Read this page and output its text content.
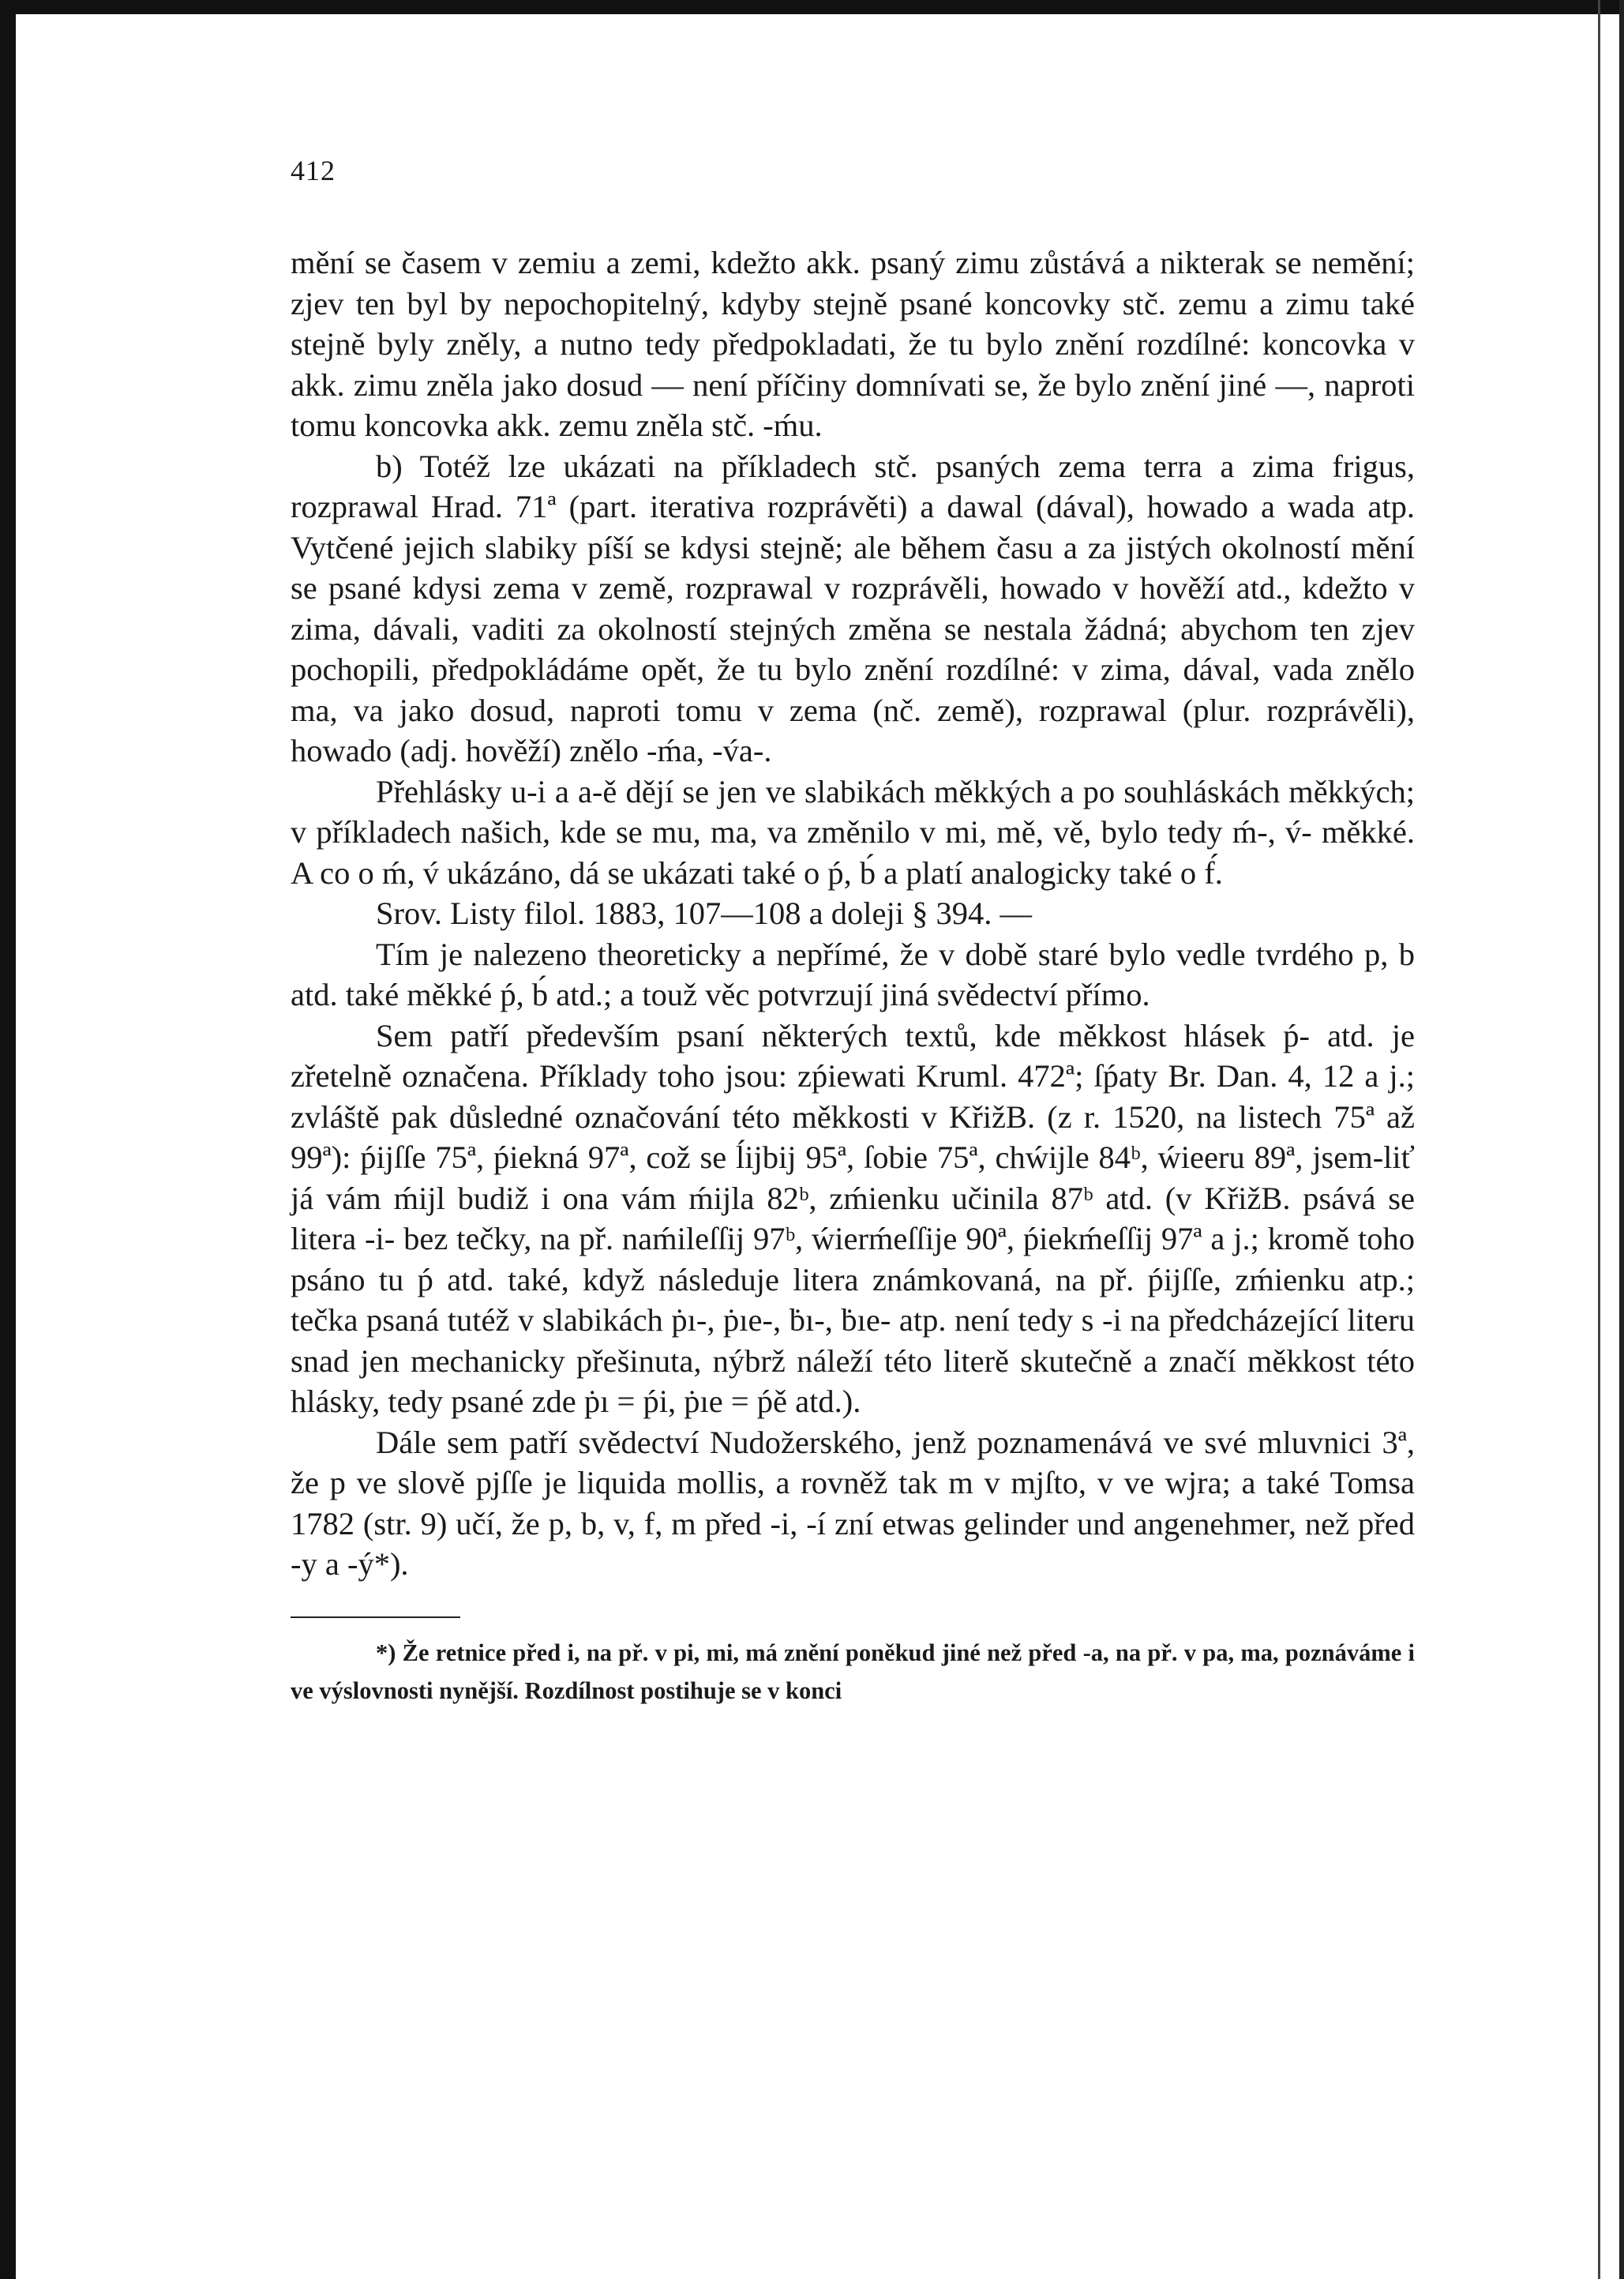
412

mění se časem v zemiu a zemi, kdežto akk. psaný zimu zůstává a nikterak se nemění; zjev ten byl by nepochopitelný, kdyby stejně psané koncovky stč. zemu a zimu také stejně byly zněly, a nutno tedy předpokladati, že tu bylo znění rozdílné: koncovka v akk. zimu zněla jako dosud — není příčiny domnívati se, že bylo znění jiné —, naproti tomu koncovka akk. zemu zněla stč. -ḿu.

b) Totéž lze ukázati na příkladech stč. psaných zema terra a zima frigus, rozprawal Hrad. 71ª (part. iterativa rozprávěti) a dawal (dával), howado a wada atp. Vytčené jejich slabiky píší se kdysi stejně; ale během času a za jistých okolností mění se psané kdysi zema v země, rozprawal v rozprávěli, howado v hověží atd., kdežto v zima, dávali, vaditi za okolností stejných změna se nestala žádná; abychom ten zjev pochopili, předpokládáme opět, že tu bylo znění rozdílné: v zima, dával, vada znělo ma, va jako dosud, naproti tomu v zema (nč. země), rozprawal (plur. rozprávěli), howado (adj. hověží) znělo -ḿa, -v́a-.

Přehlásky u-i a a-ě dějí se jen ve slabikách měkkých a po souhláskách měkkých; v příkladech našich, kde se mu, ma, va změnilo v mi, mě, vě, bylo tedy ḿ-, v́- měkké. A co o ḿ, v́ ukázáno, dá se ukázati také o ṕ, b́ a platí analogicky také o f́.

Srov. Listy filol. 1883, 107—108 a doleji § 394. —

Tím je nalezeno theoreticky a nepřímé, že v době staré bylo vedle tvrdého p, b atd. také měkké ṕ, b́ atd.; a touž věc potvrzují jiná svědectví přímo.

Sem patří především psaní některých textů, kde měkkost hlásek ṕ- atd. je zřetelně označena. Příklady toho jsou: zṕiewati Kruml. 472ª; ſṕaty Br. Dan. 4, 12 a j.; zvláště pak důsledné označování této měkkosti v KřižB. (z r. 1520, na listech 75ª až 99ª): ṕijſſe 75ª, ṕiekná 97ª, což se ĺijbij 95ª, ſobie 75ª, chẃijle 84ᵇ, ẃieeru 89ª, jsem-liť já vám ḿijl budiž i ona vám ḿijla 82ᵇ, zḿienku učinila 87ᵇ atd. (v KřižB. psává se litera -i- bez tečky, na př. naḿileſſij 97ᵇ, ẃierḿeſſije 90ª, ṕiekḿeſſij 97ª a j.; kromě toho psáno tu ṕ atd. také, když následuje litera známkovaná, na př. ṕijſſe, zḿienku atp.; tečka psaná tutéž v slabikách ṗı-, ṗıe-, ḃı-, ḃıe- atp. není tedy s -i na předcházející literu snad jen mechanicky přešinuta, nýbrž náleží této literě skutečně a značí měkkost této hlásky, tedy psané zde ṗı = ṕi, ṗıe = ṕě atd.).

Dále sem patří svědectví Nudožerského, jenž poznamenává ve své mluvnici 3ª, že p ve slově pjſſe je liquida mollis, a rovněž tak m v mjſto, v ve wjra; a také Tomsa 1782 (str. 9) učí, že p, b, v, f, m před -i, -í zní etwas gelinder und angenehmer, než před -y a -ý*).

*) Že retnice před i, na př. v pi, mi, má znění poněkud jiné než před -a, na př. v pa, ma, poznáváme i ve výslovnosti nynější. Rozdílnost postihuje se v konci
